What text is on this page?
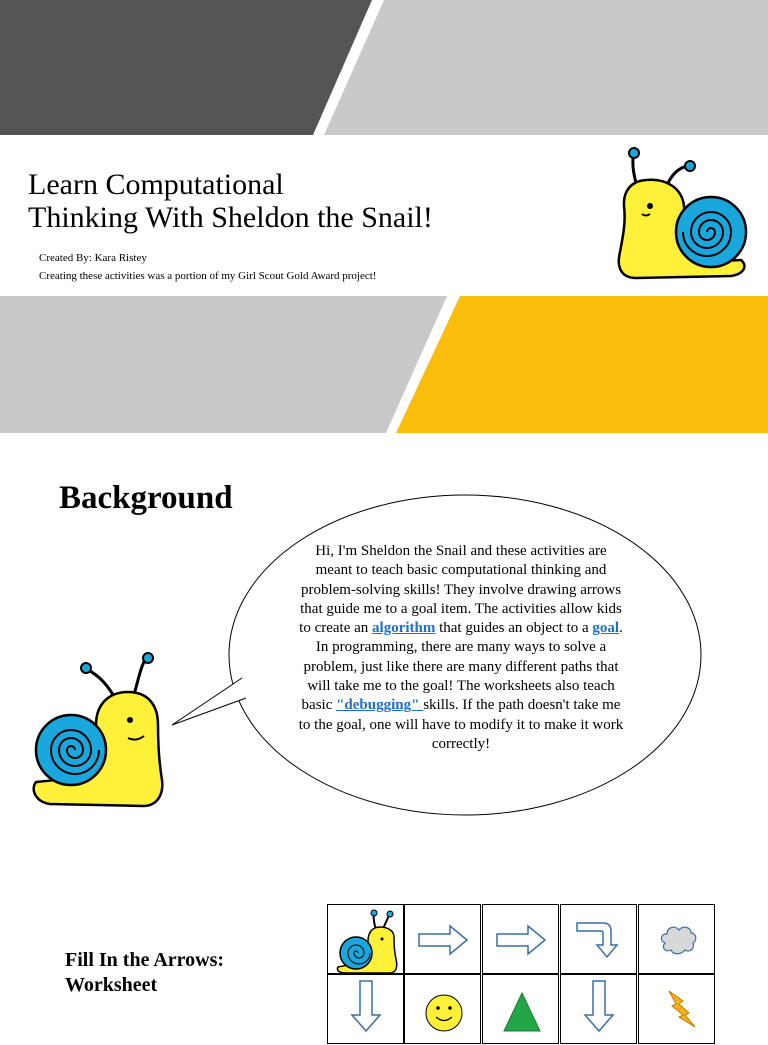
Learn Computational
Thinking With Sheldon the Snail!
Created By: Kara Ristey
Creating these activities was a portion of my Girl Scout Gold Award project!
Background
Hi, I'm Sheldon the Snail and these activities are meant to teach basic computational thinking and problem-solving skills! They involve drawing arrows that guide me to a goal item. The activities allow kids to create an algorithm that guides an object to a goal. In programming, there are many ways to solve a problem, just like there are many different paths that will take me to the goal! The worksheets also teach basic "debugging" skills. If the path doesn't take me to the goal, one will have to modify it to make it work correctly!
Fill In the Arrows:
Worksheet
